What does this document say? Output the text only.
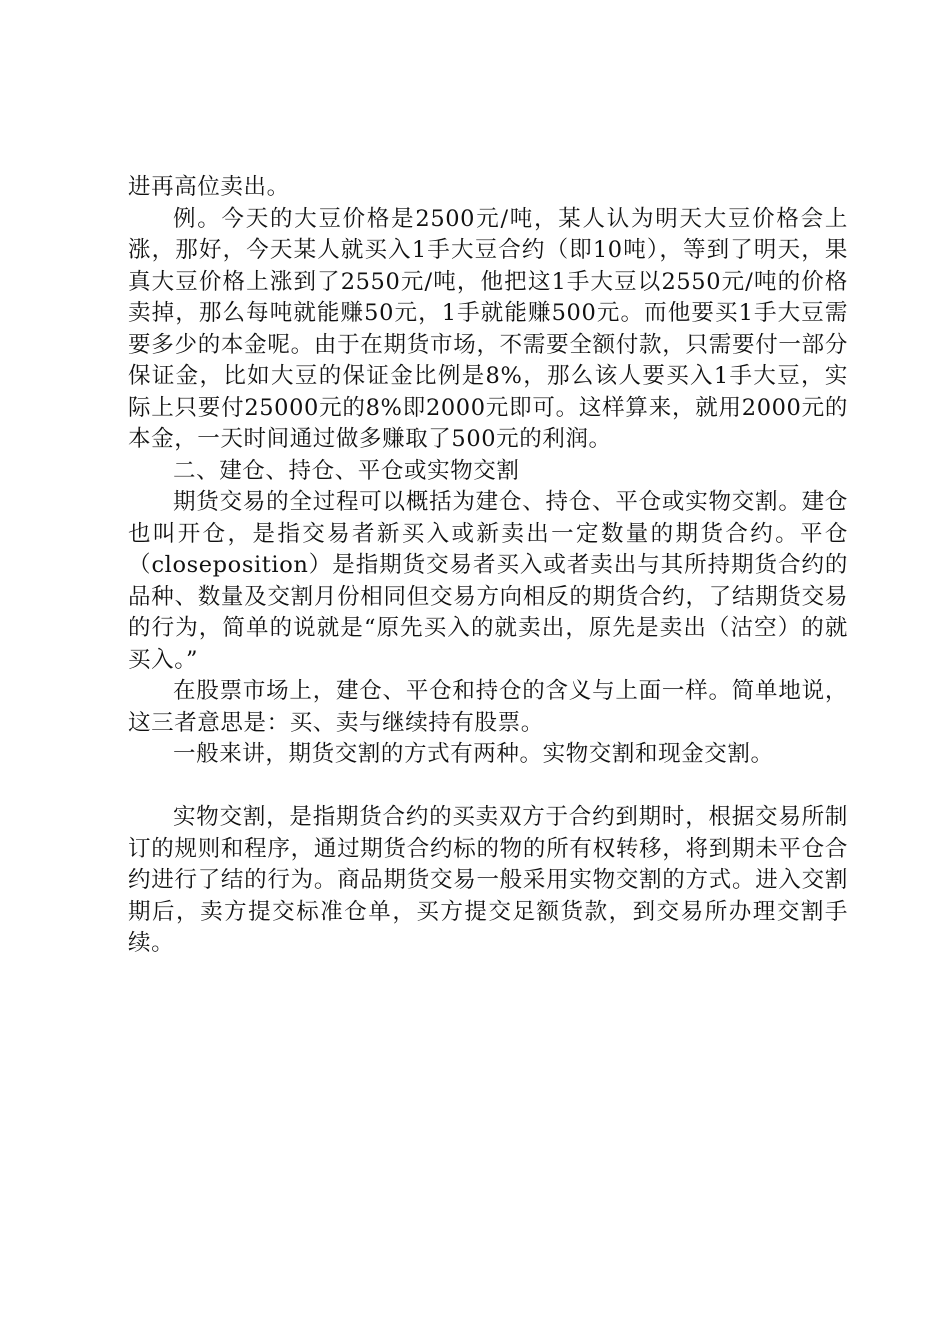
进再高位卖出。

例。今天的大豆价格是2500元/吨，某人认为明天大豆价格会上涨，那好，今天某人就买入1手大豆合约（即10吨），等到了明天，果真大豆价格上涨到了2550元/吨，他把这1手大豆以2550元/吨的价格卖掉，那么每吨就能赚50元，1手就能赚500元。而他要买1手大豆需要多少的本金呢。由于在期货市场，不需要全额付款，只需要付一部分保证金，比如大豆的保证金比例是8%，那么该人要买入1手大豆，实际上只要付25000元的8%即2000元即可。这样算来，就用2000元的本金，一天时间通过做多赚取了500元的利润。

二、建仓、持仓、平仓或实物交割

期货交易的全过程可以概括为建仓、持仓、平仓或实物交割。建仓也叫开仓，是指交易者新买入或新卖出一定数量的期货合约。平仓（closeposition）是指期货交易者买入或者卖出与其所持期货合约的品种、数量及交割月份相同但交易方向相反的期货合约，了结期货交易的行为，简单的说就是“原先买入的就卖出，原先是卖出（沽空）的就买入。”

在股票市场上，建仓、平仓和持仓的含义与上面一样。简单地说，这三者意思是：买、卖与继续持有股票。

一般来讲，期货交割的方式有两种。实物交割和现金交割。

实物交割，是指期货合约的买卖双方于合约到期时，根据交易所制订的规则和程序，通过期货合约标的物的所有权转移，将到期未平仓合约进行了结的行为。商品期货交易一般采用实物交割的方式。进入交割期后，卖方提交标准仓单，买方提交足额货款，到交易所办理交割手续。
